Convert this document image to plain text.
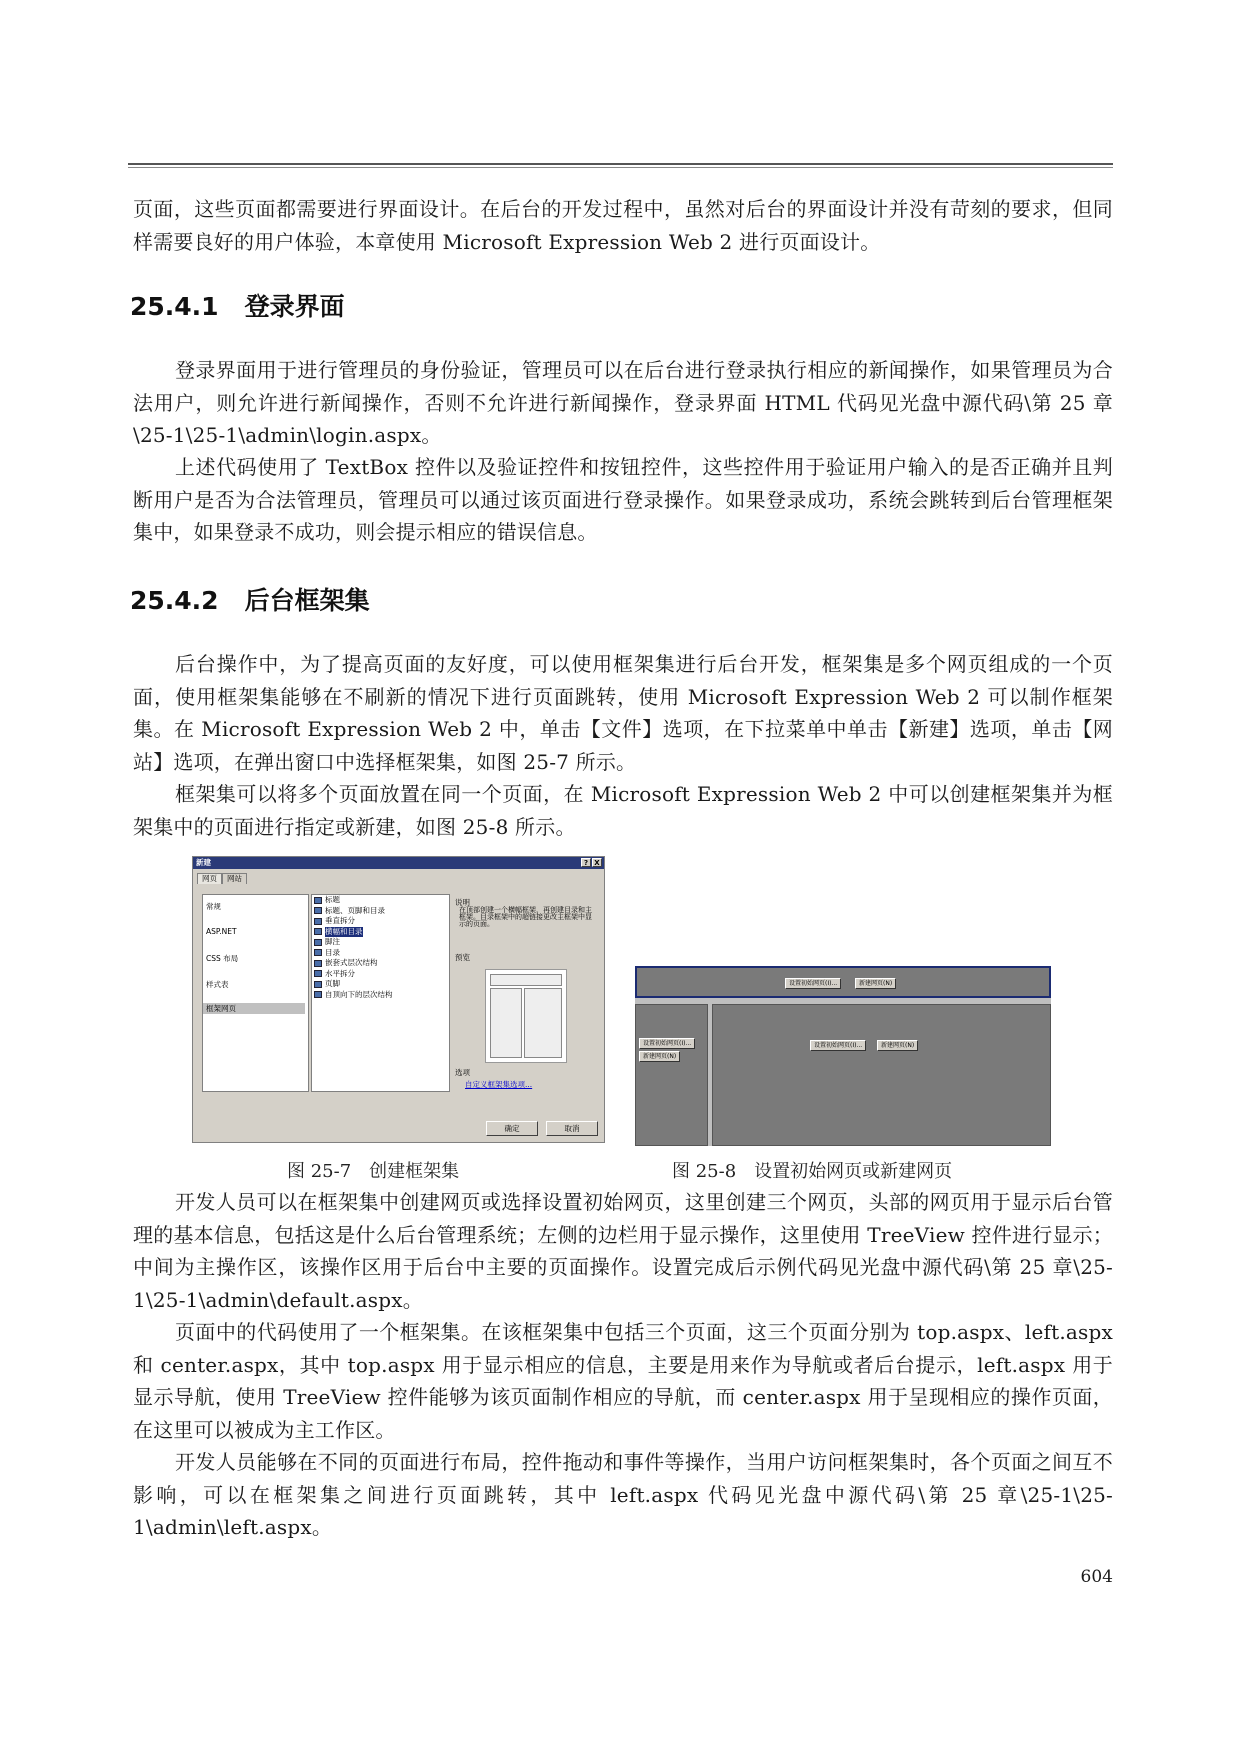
页面，这些页面都需要进行界面设计。在后台的开发过程中，虽然对后台的界面设计并没有苛刻的要求，但同样需要良好的用户体验，本章使用 Microsoft Expression Web 2 进行页面设计。

25.4.1 登录界面

登录界面用于进行管理员的身份验证，管理员可以在后台进行登录执行相应的新闻操作，如果管理员为合法用户，则允许进行新闻操作，否则不允许进行新闻操作，登录界面 HTML 代码见光盘中源代码\第 25 章\25-1\25-1\admin\login.aspx。

上述代码使用了 TextBox 控件以及验证控件和按钮控件，这些控件用于验证用户输入的是否正确并且判断用户是否为合法管理员，管理员可以通过该页面进行登录操作。如果登录成功，系统会跳转到后台管理框架集中，如果登录不成功，则会提示相应的错误信息。

25.4.2 后台框架集

后台操作中，为了提高页面的友好度，可以使用框架集进行后台开发，框架集是多个网页组成的一个页面，使用框架集能够在不刷新的情况下进行页面跳转，使用 Microsoft Expression Web 2 可以制作框架集。在 Microsoft Expression Web 2 中，单击【文件】选项，在下拉菜单中单击【新建】选项，单击【网站】选项，在弹出窗口中选择框架集，如图 25-7 所示。

框架集可以将多个页面放置在同一个页面，在 Microsoft Expression Web 2 中可以创建框架集并为框架集中的页面进行指定或新建，如图 25-8 所示。

新建	? X
网页	网站
常规
ASP.NET
CSS 布局
样式表
框架网页
标题
标题、页脚和目录
垂直拆分
横幅和目录
脚注
目录
嵌套式层次结构
水平拆分
页脚
自顶向下的层次结构
说明
在顶部创建一个横幅框架，再创建目录和主框架。目录框架中的超链接更改主框架中显示的页面。
预览
选项
自定义框架集选项...
确定	取消
设置初始网页(I)...	新建网页(N)
设置初始网页(I)...
新建网页(N)
设置初始网页(I)...	新建网页(N)
图 25-7 创建框架集	图 25-8 设置初始网页或新建网页

开发人员可以在框架集中创建网页或选择设置初始网页，这里创建三个网页，头部的网页用于显示后台管理的基本信息，包括这是什么后台管理系统；左侧的边栏用于显示操作，这里使用 TreeView 控件进行显示；中间为主操作区，该操作区用于后台中主要的页面操作。设置完成后示例代码见光盘中源代码\第 25 章\25-1\25-1\admin\default.aspx。

页面中的代码使用了一个框架集。在该框架集中包括三个页面，这三个页面分别为 top.aspx、left.aspx 和 center.aspx，其中 top.aspx 用于显示相应的信息，主要是用来作为导航或者后台提示，left.aspx 用于显示导航，使用 TreeView 控件能够为该页面制作相应的导航，而 center.aspx 用于呈现相应的操作页面，在这里可以被成为主工作区。

开发人员能够在不同的页面进行布局，控件拖动和事件等操作，当用户访问框架集时，各个页面之间互不影响，可以在框架集之间进行页面跳转，其中 left.aspx 代码见光盘中源代码\第 25 章\25-1\25-1\admin\left.aspx。

604
